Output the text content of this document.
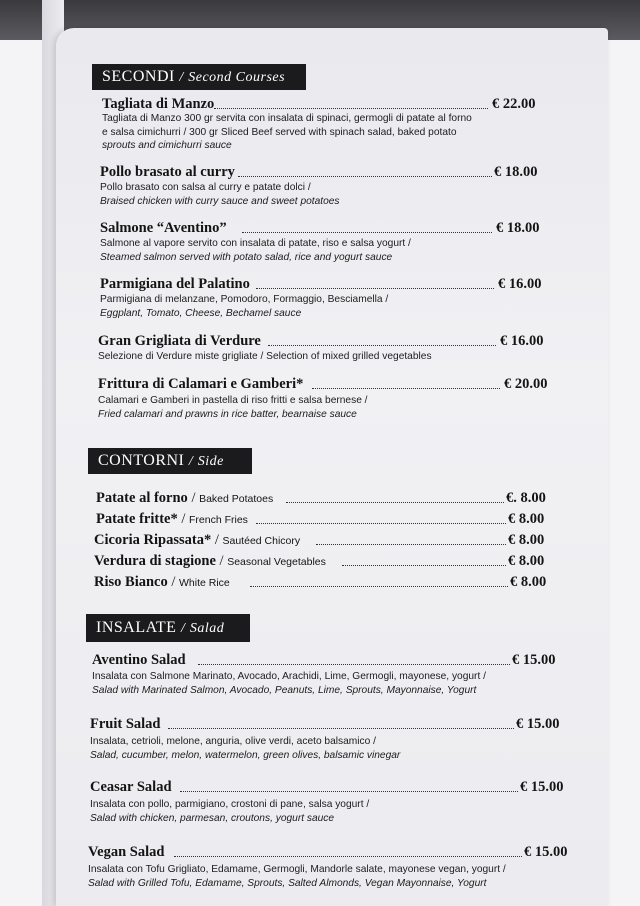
SECONDI / Second Courses
Tagliata di Manzo	€ 22.00
Tagliata di Manzo 300 gr servita con insalata di spinaci, germogli di patate al forno
e salsa cimichurri / 300 gr Sliced Beef served with spinach salad, baked potato
sprouts and cimichurri sauce
Pollo brasato al curry	€ 18.00
Pollo brasato con salsa al curry e patate dolci /
Braised chicken with curry sauce and sweet potatoes
Salmone “Aventino”	€ 18.00
Salmone al vapore servito con insalata di patate, riso e salsa yogurt /
Steamed salmon served with potato salad, rice and yogurt sauce
Parmigiana del Palatino	€ 16.00
Parmigiana di melanzane, Pomodoro, Formaggio, Besciamella /
Eggplant, Tomato, Cheese, Bechamel sauce
Gran Grigliata di Verdure	€ 16.00
Selezione di Verdure miste grigliate / Selection of mixed grilled vegetables
Frittura di Calamari e Gamberi*	€ 20.00
Calamari e Gamberi in pastella di riso fritti e salsa bernese /
Fried calamari and prawns in rice batter, bearnaise sauce
CONTORNI / Side
Patate al forno / Baked Potatoes	€. 8.00
Patate fritte* / French Fries	€ 8.00
Cicoria Ripassata* / Sautéed Chicory	€ 8.00
Verdura di stagione / Seasonal Vegetables	€ 8.00
Riso Bianco / White Rice	€ 8.00
INSALATE / Salad
Aventino Salad	€ 15.00
Insalata con Salmone Marinato, Avocado, Arachidi, Lime, Germogli, mayonese, yogurt /
Salad with Marinated Salmon, Avocado, Peanuts, Lime, Sprouts, Mayonnaise, Yogurt
Fruit Salad	€ 15.00
Insalata, cetrioli, melone, anguria, olive verdi, aceto balsamico /
Salad, cucumber, melon, watermelon, green olives, balsamic vinegar
Ceasar Salad	€ 15.00
Insalata con pollo, parmigiano, crostoni di pane, salsa yogurt /
Salad with chicken, parmesan, croutons, yogurt sauce
Vegan Salad	€ 15.00
Insalata con Tofu Grigliato, Edamame, Germogli, Mandorle salate, mayonese vegan, yogurt /
Salad with Grilled Tofu, Edamame, Sprouts, Salted Almonds, Vegan Mayonnaise, Yogurt
